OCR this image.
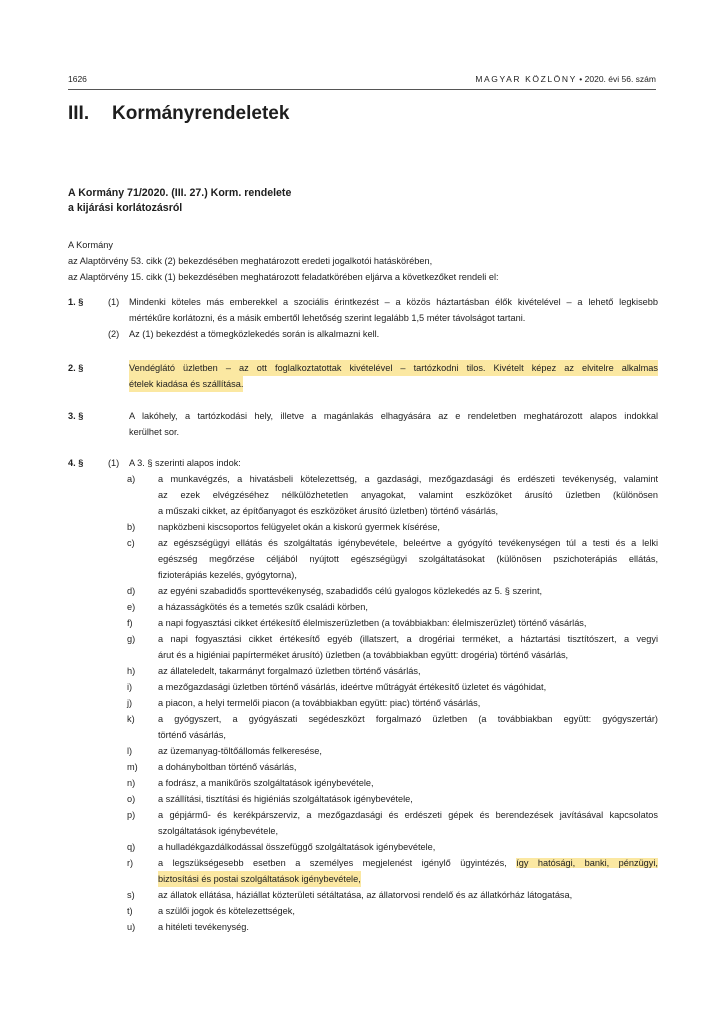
1626	MAGYAR KÖZLÖNY • 2020. évi 56. szám
III. Kormányrendeletek
A Kormány 71/2020. (III. 27.) Korm. rendelete
a kijárási korlátozásról
A Kormány
az Alaptörvény 53. cikk (2) bekezdésében meghatározott eredeti jogalkotói hatáskörében,
az Alaptörvény 15. cikk (1) bekezdésében meghatározott feladatkörében eljárva a következőket rendeli el:
1. §	(1) Mindenki köteles más emberekkel a szociális érintkezést – a közös háztartásban élők kivételével – a lehető legkisebb
mértékűre korlátozni, és a másik embertől lehetőség szerint legalább 1,5 méter távolságot tartani.
(2) Az (1) bekezdést a tömegközlekedés során is alkalmazni kell.
2. §	Vendéglátó üzletben – az ott foglalkoztatottak kivételével – tartózkodni tilos. Kivételt képez az elvitelre alkalmas
ételek kiadása és szállítása.
3. §	A lakóhely, a tartózkodási hely, illetve a magánlakás elhagyására az e rendeletben meghatározott alapos indokkal
kerülhet sor.
4. §	(1) A 3. § szerinti alapos indok:
a) a munkavégzés, a hivatásbeli kötelezettség, a gazdasági, mezőgazdasági és erdészeti tevékenység, valamint
az ezek elvégzéséhez nélkülözhetetlen anyagokat, valamint eszközöket árusító üzletben (különösen
a műszaki cikket, az építőanyagot és eszközöket árusító üzletben) történő vásárlás,
b) napközbeni kiscsoportos felügyelet okán a kiskorú gyermek kísérése,
c)	az egészségügyi ellátás és szolgáltatás igénybevétele, beleértve a gyógyító tevékenységen túl a testi és a lelki
egészség megőrzése céljából nyújtott egészségügyi szolgáltatásokat (különösen pszichoterápiás ellátás,
fizioterápiás kezelés, gyógytorna),
d) az egyéni szabadidős sporttevékenység, szabadidős célú gyalogos közlekedés az 5. § szerint,
e) a házasságkötés és a temetés szűk családi körben,
f)	a napi fogyasztási cikket értékesítő élelmiszerüzletben (a továbbiakban: élelmiszerüzlet) történő vásárlás,
g) a napi fogyasztási cikket értékesítő egyéb (illatszert, a drogériai terméket, a háztartási tisztítószert, a vegyi
árut és a higiéniai papírterméket árusító) üzletben (a továbbiakban együtt: drogéria) történő vásárlás,
h) az állateledelt, takarmányt forgalmazó üzletben történő vásárlás,
i)	a mezőgazdasági üzletben történő vásárlás, ideértve műtrágyát értékesítő üzletet és vágóhidat,
j)	a piacon, a helyi termelői piacon (a továbbiakban együtt: piac) történő vásárlás,
k)	a gyógyszert, a gyógyászati segédeszközt forgalmazó üzletben (a továbbiakban együtt: gyógyszertár)
történő vásárlás,
l)	az üzemanyag-töltőállomás felkeresése,
m) a dohányboltban történő vásárlás,
n) a fodrász, a manikűrös szolgáltatások igénybevétele,
o) a szállítási, tisztítási és higiéniás szolgáltatások igénybevétele,
p) a gépjármű- és kerékpárszerviz, a mezőgazdasági és erdészeti gépek és berendezések javításával kapcsolatos
szolgáltatások igénybevétele,
q) a hulladékgazdálkodással összefüggő szolgáltatások igénybevétele,
r)	a legszükségesebb esetben a személyes megjelenést igénylő ügyintézés, így hatósági, banki, pénzügyi,
biztosítási és postai szolgáltatások igénybevétele,
s)	az állatok ellátása, háziállat közterületi sétáltatása, az állatorvosi rendelő és az állatkórház látogatása,
t)	a szülői jogok és kötelezettségek,
u) a hitéleti tevékenység.
